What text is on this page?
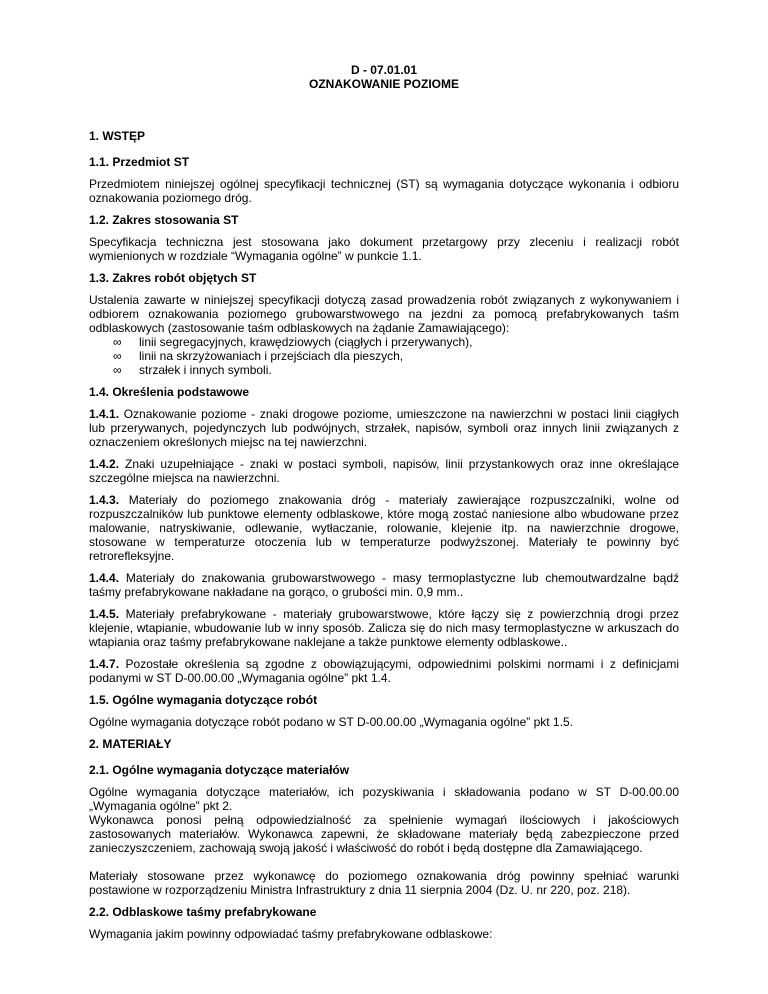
D - 07.01.01
OZNAKOWANIE POZIOME
1. WSTĘP
1.1. Przedmiot ST

Przedmiotem niniejszej ogólnej specyfikacji technicznej (ST) są wymagania dotyczące wykonania i odbioru oznakowania poziomego dróg.

1.2. Zakres stosowania ST

Specyfikacja techniczna jest stosowana jako dokument przetargowy przy zleceniu i realizacji robót wymienionych w rozdziale “Wymagania ogólne” w punkcie 1.1.

1.3. Zakres robót objętych ST

Ustalenia zawarte w niniejszej specyfikacji dotyczą zasad prowadzenia robót związanych z wykonywaniem i odbiorem oznakowania poziomego grubowarstwowego na jezdni za pomocą prefabrykowanych taśm odblaskowych (zastosowanie taśm odblaskowych na żądanie Zamawiającego):

∞ linii segregacyjnych, krawędziowych (ciągłych i przerywanych),
∞ linii na skrzyżowaniach i przejściach dla pieszych,
∞ strzałek i innych symboli.
1.4. Określenia podstawowe

1.4.1. Oznakowanie poziome - znaki drogowe poziome, umieszczone na nawierzchni w postaci linii ciągłych lub przerywanych, pojedynczych lub podwójnych, strzałek, napisów, symboli oraz innych linii związanych z oznaczeniem określonych miejsc na tej nawierzchni.

1.4.2. Znaki uzupełniające - znaki w postaci symboli, napisów, linii przystankowych oraz inne określające szczególne miejsca na nawierzchni.

1.4.3. Materiały do poziomego znakowania dróg - materiały zawierające rozpuszczalniki, wolne od rozpuszczalników lub punktowe elementy odblaskowe, które mogą zostać naniesione albo wbudowane przez malowanie, natryskiwanie, odlewanie, wytłaczanie, rolowanie, klejenie itp. na nawierzchnie drogowe, stosowane w temperaturze otoczenia lub w temperaturze podwyższonej. Materiały te powinny być retrorefleksyjne.

1.4.4. Materiały do znakowania grubowarstwowego - masy termoplastyczne lub chemoutwardzalne bądź taśmy prefabrykowane nakładane na gorąco, o grubości min. 0,9 mm..

1.4.5. Materiały prefabrykowane - materiały grubowarstwowe, które łączy się z powierzchnią drogi przez klejenie, wtapianie, wbudowanie lub w inny sposób. Zalicza się do nich masy termoplastyczne w arkuszach do wtapiania oraz taśmy prefabrykowane naklejane a także punktowe elementy odblaskowe..

1.4.7. Pozostałe określenia są zgodne z obowiązującymi, odpowiednimi polskimi normami i z definicjami podanymi w ST D-00.00.00 „Wymagania ogólne” pkt 1.4.

1.5. Ogólne wymagania dotyczące robót

Ogólne wymagania dotyczące robót podano w ST D-00.00.00 „Wymagania ogólne” pkt 1.5.

2. MATERIAŁY
2.1. Ogólne wymagania dotyczące materiałów

Ogólne wymagania dotyczące materiałów, ich pozyskiwania i składowania podano w ST D-00.00.00 „Wymagania ogólne” pkt 2.

Wykonawca ponosi pełną odpowiedzialność za spełnienie wymagań ilościowych i jakościowych zastosowanych materiałów. Wykonawca zapewni, że składowane materiały będą zabezpieczone przed zanieczyszczeniem, zachowają swoją jakość i właściwość do robót i będą dostępne dla Zamawiającego.

Materiały stosowane przez wykonawcę do poziomego oznakowania dróg powinny spełniać warunki postawione w rozporządzeniu Ministra Infrastruktury z dnia 11 sierpnia 2004 (Dz. U. nr 220, poz. 218).

2.2. Odblaskowe taśmy prefabrykowane

Wymagania jakim powinny odpowiadać taśmy prefabrykowane odblaskowe:
